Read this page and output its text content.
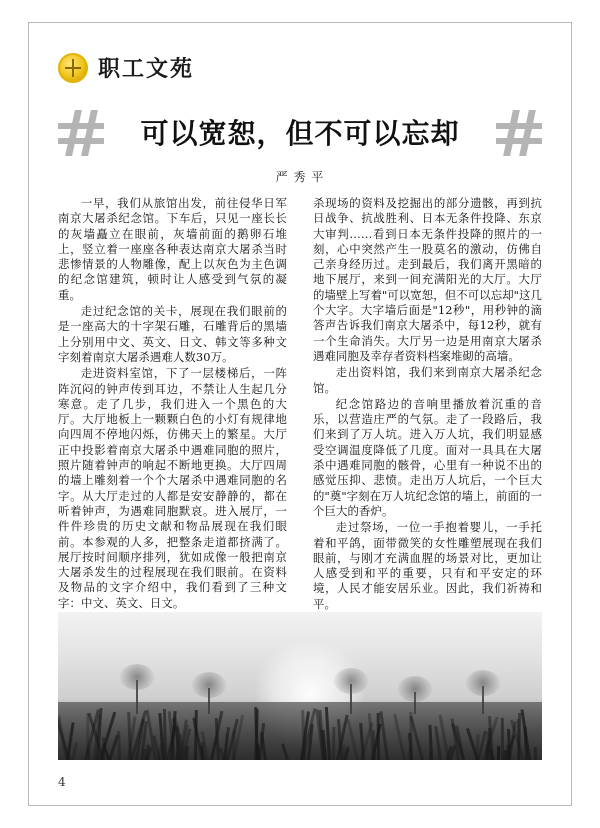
职工文苑
可以宽恕，但不可以忘却
严 秀 平

一早，我们从旅馆出发，前往侵华日军南京大屠杀纪念馆。下车后，只见一座长长的灰墙矗立在眼前，灰墙前面的鹅卵石堆上，竖立着一座座各种表达南京大屠杀当时悲惨情景的人物雕像，配上以灰色为主色调的纪念馆建筑，顿时让人感受到气氛的凝重。

走过纪念馆的关卡，展现在我们眼前的是一座高大的十字架石雕，石雕背后的黑墙上分别用中文、英文、日文、韩文等多种文字刻着南京大屠杀遇难人数30万。

走进资料室馆，下了一层楼梯后，一阵阵沉闷的钟声传到耳边，不禁让人生起几分寒意。走了几步，我们进入一个黑色的大厅。大厅地板上一颗颗白色的小灯有规律地向四周不停地闪烁，仿佛天上的繁星。大厅正中投影着南京大屠杀中遇难同胞的照片，照片随着钟声的响起不断地更换。大厅四周的墙上雕刻着一个个大屠杀中遇难同胞的名字。从大厅走过的人都是安安静静的，都在听着钟声，为遇难同胞默哀。进入展厅，一件件珍贵的历史文献和物品展现在我们眼前。本参观的人多，把整条走道都挤满了。展厅按时间顺序排列，犹如成像一般把南京大屠杀发生的过程展现在我们眼前。在资料及物品的文字介绍中，我们看到了三种文字：中文、英文、日文。

杀现场的资料及挖掘出的部分遗骸，再到抗日战争、抗战胜利、日本无条件投降、东京大审判……看到日本无条件投降的照片的一刻，心中突然产生一股莫名的激动，仿佛自己亲身经历过。走到最后，我们离开黑暗的地下展厅，来到一间充满阳光的大厅。大厅的墙壁上写着"可以宽恕，但不可以忘却"这几个大字。大字墙后面是"12秒"，用秒钟的滴答声告诉我们南京大屠杀中，每12秒，就有一个生命消失。大厅另一边是用南京大屠杀遇难同胞及幸存者资料档案堆砌的高墙。

走出资料馆，我们来到南京大屠杀纪念馆。

纪念馆路边的音响里播放着沉重的音乐，以营造庄严的气氛。走了一段路后，我们来到了万人坑。进入万人坑，我们明显感受空调温度降低了几度。面对一具具在大屠杀中遇难同胞的骸骨，心里有一种说不出的感觉压抑、悲愤。走出万人坑后，一个巨大的"奠"字刻在万人坑纪念馆的墙上，前面的一个巨大的香炉。

走过祭场，一位一手抱着婴儿，一手托着和平鸽，面带微笑的女性雕塑展现在我们眼前，与刚才充满血腥的场景对比，更加让人感受到和平的重要，只有和平安定的环境，人民才能安居乐业。因此，我们祈祷和平。

4
